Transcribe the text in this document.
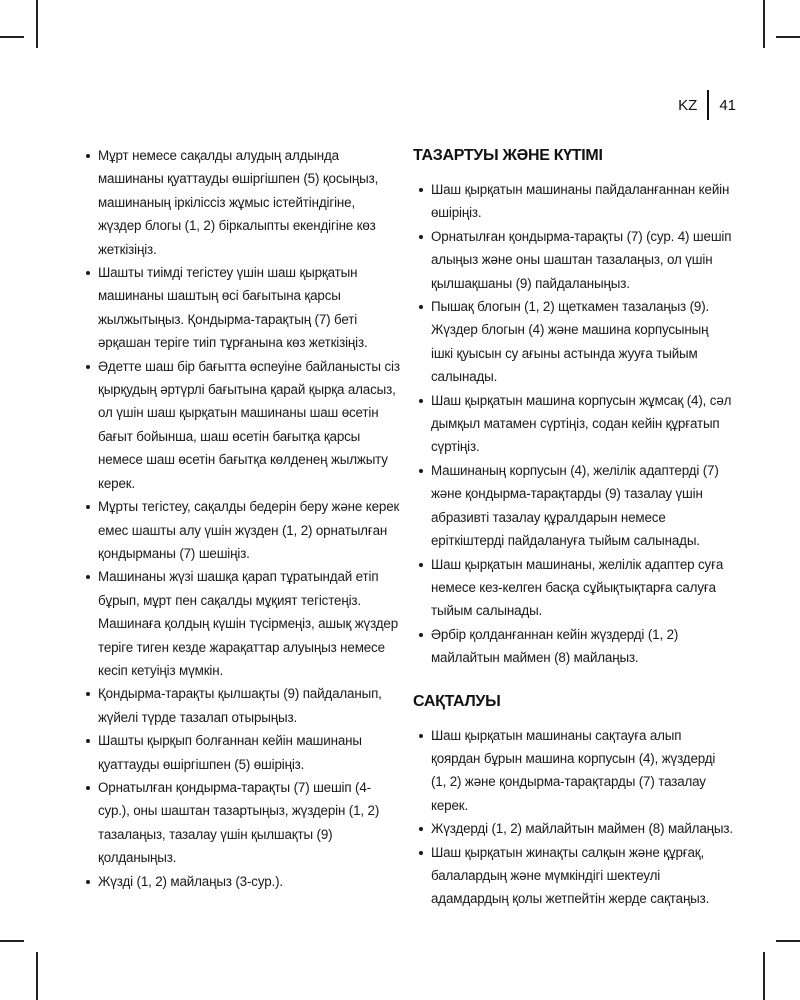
KZ 41
Мұрт немесе сақалды алудың алдында машинаны қуаттауды өшіргішпен (5) қосыңыз, машинаның іркіліссіз жұмыс істейтіндігіне, жүздер блогы (1, 2) біркалыпты екендігіне көз жеткізіңіз.
Шашты тиімді тегістеу үшін шаш қырқатын машинаны шаштың өсі бағытына қарсы жылжытыңыз. Қондырма-тарақтың (7) беті әрқашан теріге тиіп тұрғанына көз жеткізіңіз.
Әдетте шаш бір бағытта өспеуіне байланысты сіз қырқудың әртүрлі бағытына қарай қырқа аласыз, ол үшін шаш қырқатын машинаны шаш өсетін бағыт бойынша, шаш өсетін бағытқа қарсы немесе шаш өсетін бағытқа көлденең жылжыту керек.
Мұрты тегістеу, сақалды бедерін беру және керек емес шашты алу үшін жүзден (1, 2) орнатылған қондырманы (7) шешіңіз.
Машинаны жүзі шашқа қарап тұратындай етіп бұрып, мұрт пен сақалды мұқият тегістеңіз. Машинаға қолдың күшін түсірмеңіз, ашық жүздер теріге тиген кезде жарақаттар алуыңыз немесе кесіп кетуіңіз мүмкін.
Қондырма-тарақты қылшақты (9) пайдаланып, жүйелі түрде тазалап отырыңыз.
Шашты қырқып болғаннан кейін машинаны қуаттауды өшіргішпен (5) өшіріңіз.
Орнатылған қондырма-тарақты (7) шешіп (4-сур.), оны шаштан тазартыңыз, жүздерін (1, 2) тазалаңыз, тазалау үшін қылшақты (9) қолданыңыз.
Жүзді (1, 2) майлаңыз (3-сур.).
ТАЗАРТУЫ ЖӘНЕ КҮТІМІ
Шаш қырқатын машинаны пайдаланғаннан кейін өшіріңіз.
Орнатылған қондырма-тарақты (7) (сур. 4) шешіп алыңыз және оны шаштан тазалаңыз, ол үшін қылшақшаны (9) пайдаланыңыз.
Пышақ блогын (1, 2) щеткамен тазалаңыз (9). Жүздер блогын (4) және машина корпусының ішкі қуысын су ағыны астында жууға тыйым салынады.
Шаш қырқатын машина корпусын жұмсақ (4), сәл дымқыл матамен сүртіңіз, содан кейін құрғатып сүртіңіз.
Машинаның корпусын (4), желілік адаптерді (7) және қондырма-тарақтарды (9) тазалау үшін абразивті тазалау құралдарын немесе еріткіштерді пайдалануға тыйым салынады.
Шаш қырқатын машинаны, желілік адаптер суға немесе кез-келген басқа сұйықтықтарға салуға тыйым салынады.
Әрбір қолданғаннан кейін жүздерді (1, 2) майлайтын маймен (8) майлаңыз.
САҚТАЛУЫ
Шаш қырқатын машинаны сақтауға алып қоярдан бұрын машина корпусын (4), жүздерді (1, 2) және қондырма-тарақтарды (7) тазалау керек.
Жүздерді (1, 2) майлайтын маймен (8) майлаңыз.
Шаш қырқатын жинақты салқын және құрғақ, балалардың және мүмкіндігі шектеулі адамдардың қолы жетпейтін жерде сақтаңыз.
